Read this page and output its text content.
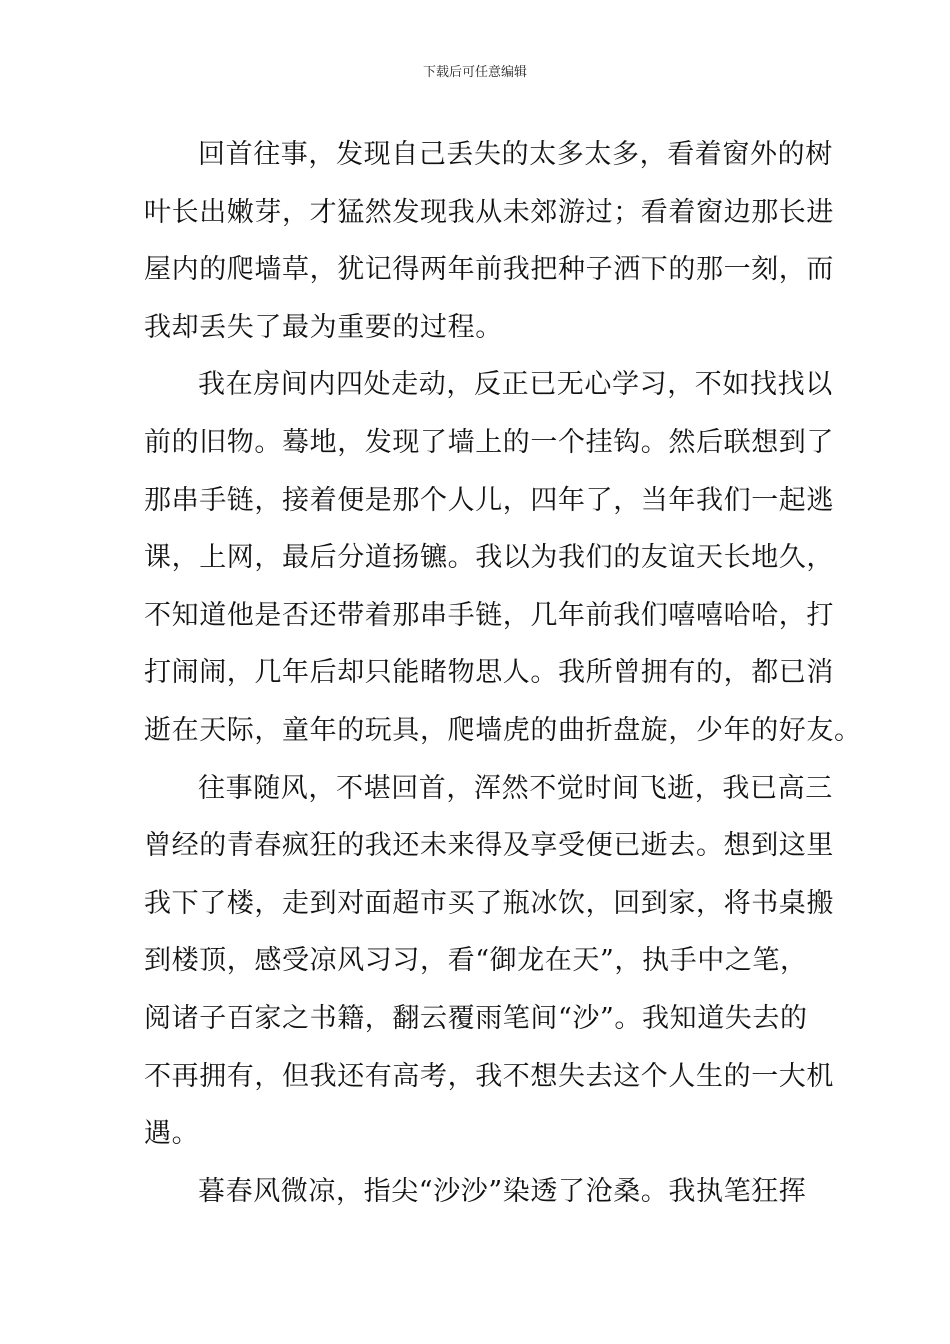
下载后可任意编辑
回首往事，发现自己丢失的太多太多，看着窗外的树
叶长出嫩芽，才猛然发现我从未郊游过；看着窗边那长进
屋内的爬墙草，犹记得两年前我把种子洒下的那一刻，而
我却丢失了最为重要的过程。
我在房间内四处走动，反正已无心学习，不如找找以
前的旧物。蓦地，发现了墙上的一个挂钩。然后联想到了
那串手链，接着便是那个人儿，四年了，当年我们一起逃
课，上网，最后分道扬镳。我以为我们的友谊天长地久，
不知道他是否还带着那串手链，几年前我们嘻嘻哈哈，打
打闹闹，几年后却只能睹物思人。我所曾拥有的，都已消
逝在天际，童年的玩具，爬墙虎的曲折盘旋，少年的好友。
往事随风，不堪回首，浑然不觉时间飞逝，我已高三
曾经的青春疯狂的我还未来得及享受便已逝去。想到这里
我下了楼，走到对面超市买了瓶冰饮，回到家，将书桌搬
到楼顶，感受凉风习习，看“御龙在天”，执手中之笔，
阅诸子百家之书籍，翻云覆雨笔间“沙”。我知道失去的
不再拥有，但我还有高考，我不想失去这个人生的一大机
遇。
暮春风微凉，指尖“沙沙”染透了沧桑。我执笔狂挥
